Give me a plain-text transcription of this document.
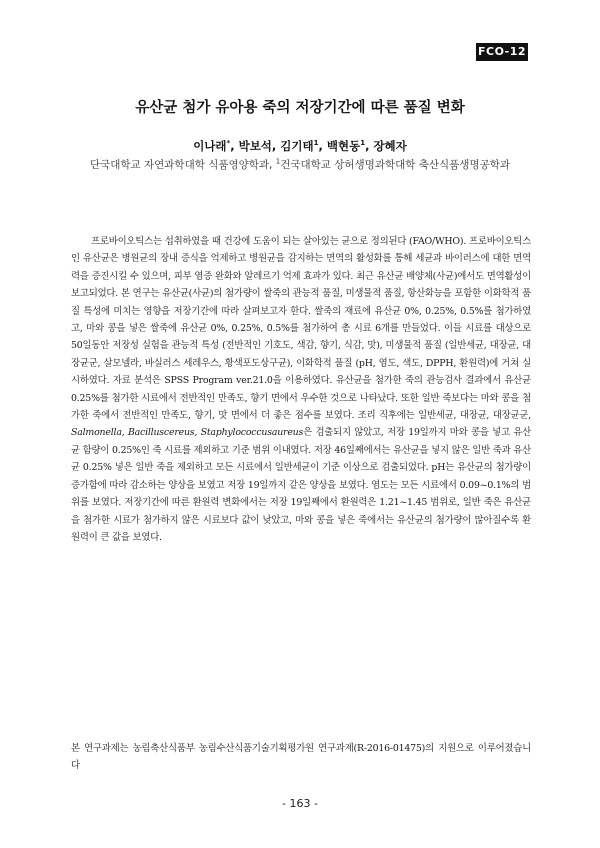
FCO-12
유산균 첨가 유아용 죽의 저장기간에 따른 품질 변화
이나래*, 박보석, 김기태$^1$, 백현동$^1$, 장혜자
단국대학교 자연과학대학 식품영양학과, $^1$건국대학교 상허생명과학대학 축산식품생명공학과

프로바이오틱스는 섭취하였을 때 건강에 도움이 되는 살아있는 균으로 정의된다 (FAO/WHO). 프로바이오틱스인 유산균은 병원균의 장내 증식을 억제하고 병원균을 감지하는 면역의 활성화를 통해 세균과 바이러스에 대한 면역력을 증진시킬 수 있으며, 피부 염증 완화와 알레르기 억제 효과가 있다. 최근 유산균 배양체(사균)에서도 면역활성이 보고되었다. 본 연구는 유산균(사균)의 첨가량이 쌀죽의 관능적 품질, 미생물적 품질, 항산화능을 포함한 이화학적 품질 특성에 미치는 영향을 저장기간에 따라 살펴보고자 한다. 쌀죽의 재료에 유산균 0%, 0.25%, 0.5%를 첨가하였고, 마와 콩을 넣은 쌀죽에 유산균 0%, 0.25%, 0.5%를 첨가하여 총 시료 6개를 만들었다. 이들 시료를 대상으로 50일동안 저장성 실험을 관능적 특성 (전반적인 기호도, 색감, 향기, 식감, 맛), 미생물적 품질 (일반세균, 대장균, 대장균군, 살모넬라, 바실러스 세레우스, 황색포도상구균), 이화학적 품질 (pH, 염도, 색도, DPPH, 환원력)에 거쳐 실시하였다. 자료 분석은 SPSS Program ver.21.0을 이용하였다. 유산균을 첨가한 죽의 관능검사 결과에서 유산균 0.25%를 첨가한 시료에서 전반적인 만족도, 향기 면에서 우수한 것으로 나타났다. 또한 일반 죽보다는 마와 콩을 첨가한 죽에서 전반적인 만족도, 향기, 맛 면에서 더 좋은 점수를 보였다. 조리 직후에는 일반세균, 대장균, 대장균군, Salmonella, Bacilluscereus, Staphylococcusaureus은 검출되지 않았고, 저장 19일까지 마와 콩을 넣고 유산균 함량이 0.25%인 죽 시료를 제외하고 기준 범위 이내였다. 저장 46일째에서는 유산균을 넣지 않은 일반 죽과 유산균 0.25% 넣은 일반 죽을 제외하고 모든 시료에서 일반세균이 기준 이상으로 검출되었다. pH는 유산균의 첨가량이 증가함에 따라 감소하는 양상을 보였고 저장 19일까지 같은 양상을 보였다. 염도는 모든 시료에서 0.09~0.1%의 범위를 보였다. 저장기간에 따른 환원력 변화에서는 저장 19일째에서 환원력은 1.21~1.45 범위로, 일반 죽은 유산균을 첨가한 시료가 첨가하지 않은 시료보다 값이 낮았고, 마와 콩을 넣은 죽에서는 유산균의 첨가량이 많아질수록 환원력이 큰 값을 보였다.

본 연구과제는 농림축산식품부 농림수산식품기술기획평가원 연구과제(R-2016-01475)의 지원으로 이루어졌습니다

- 163 -
